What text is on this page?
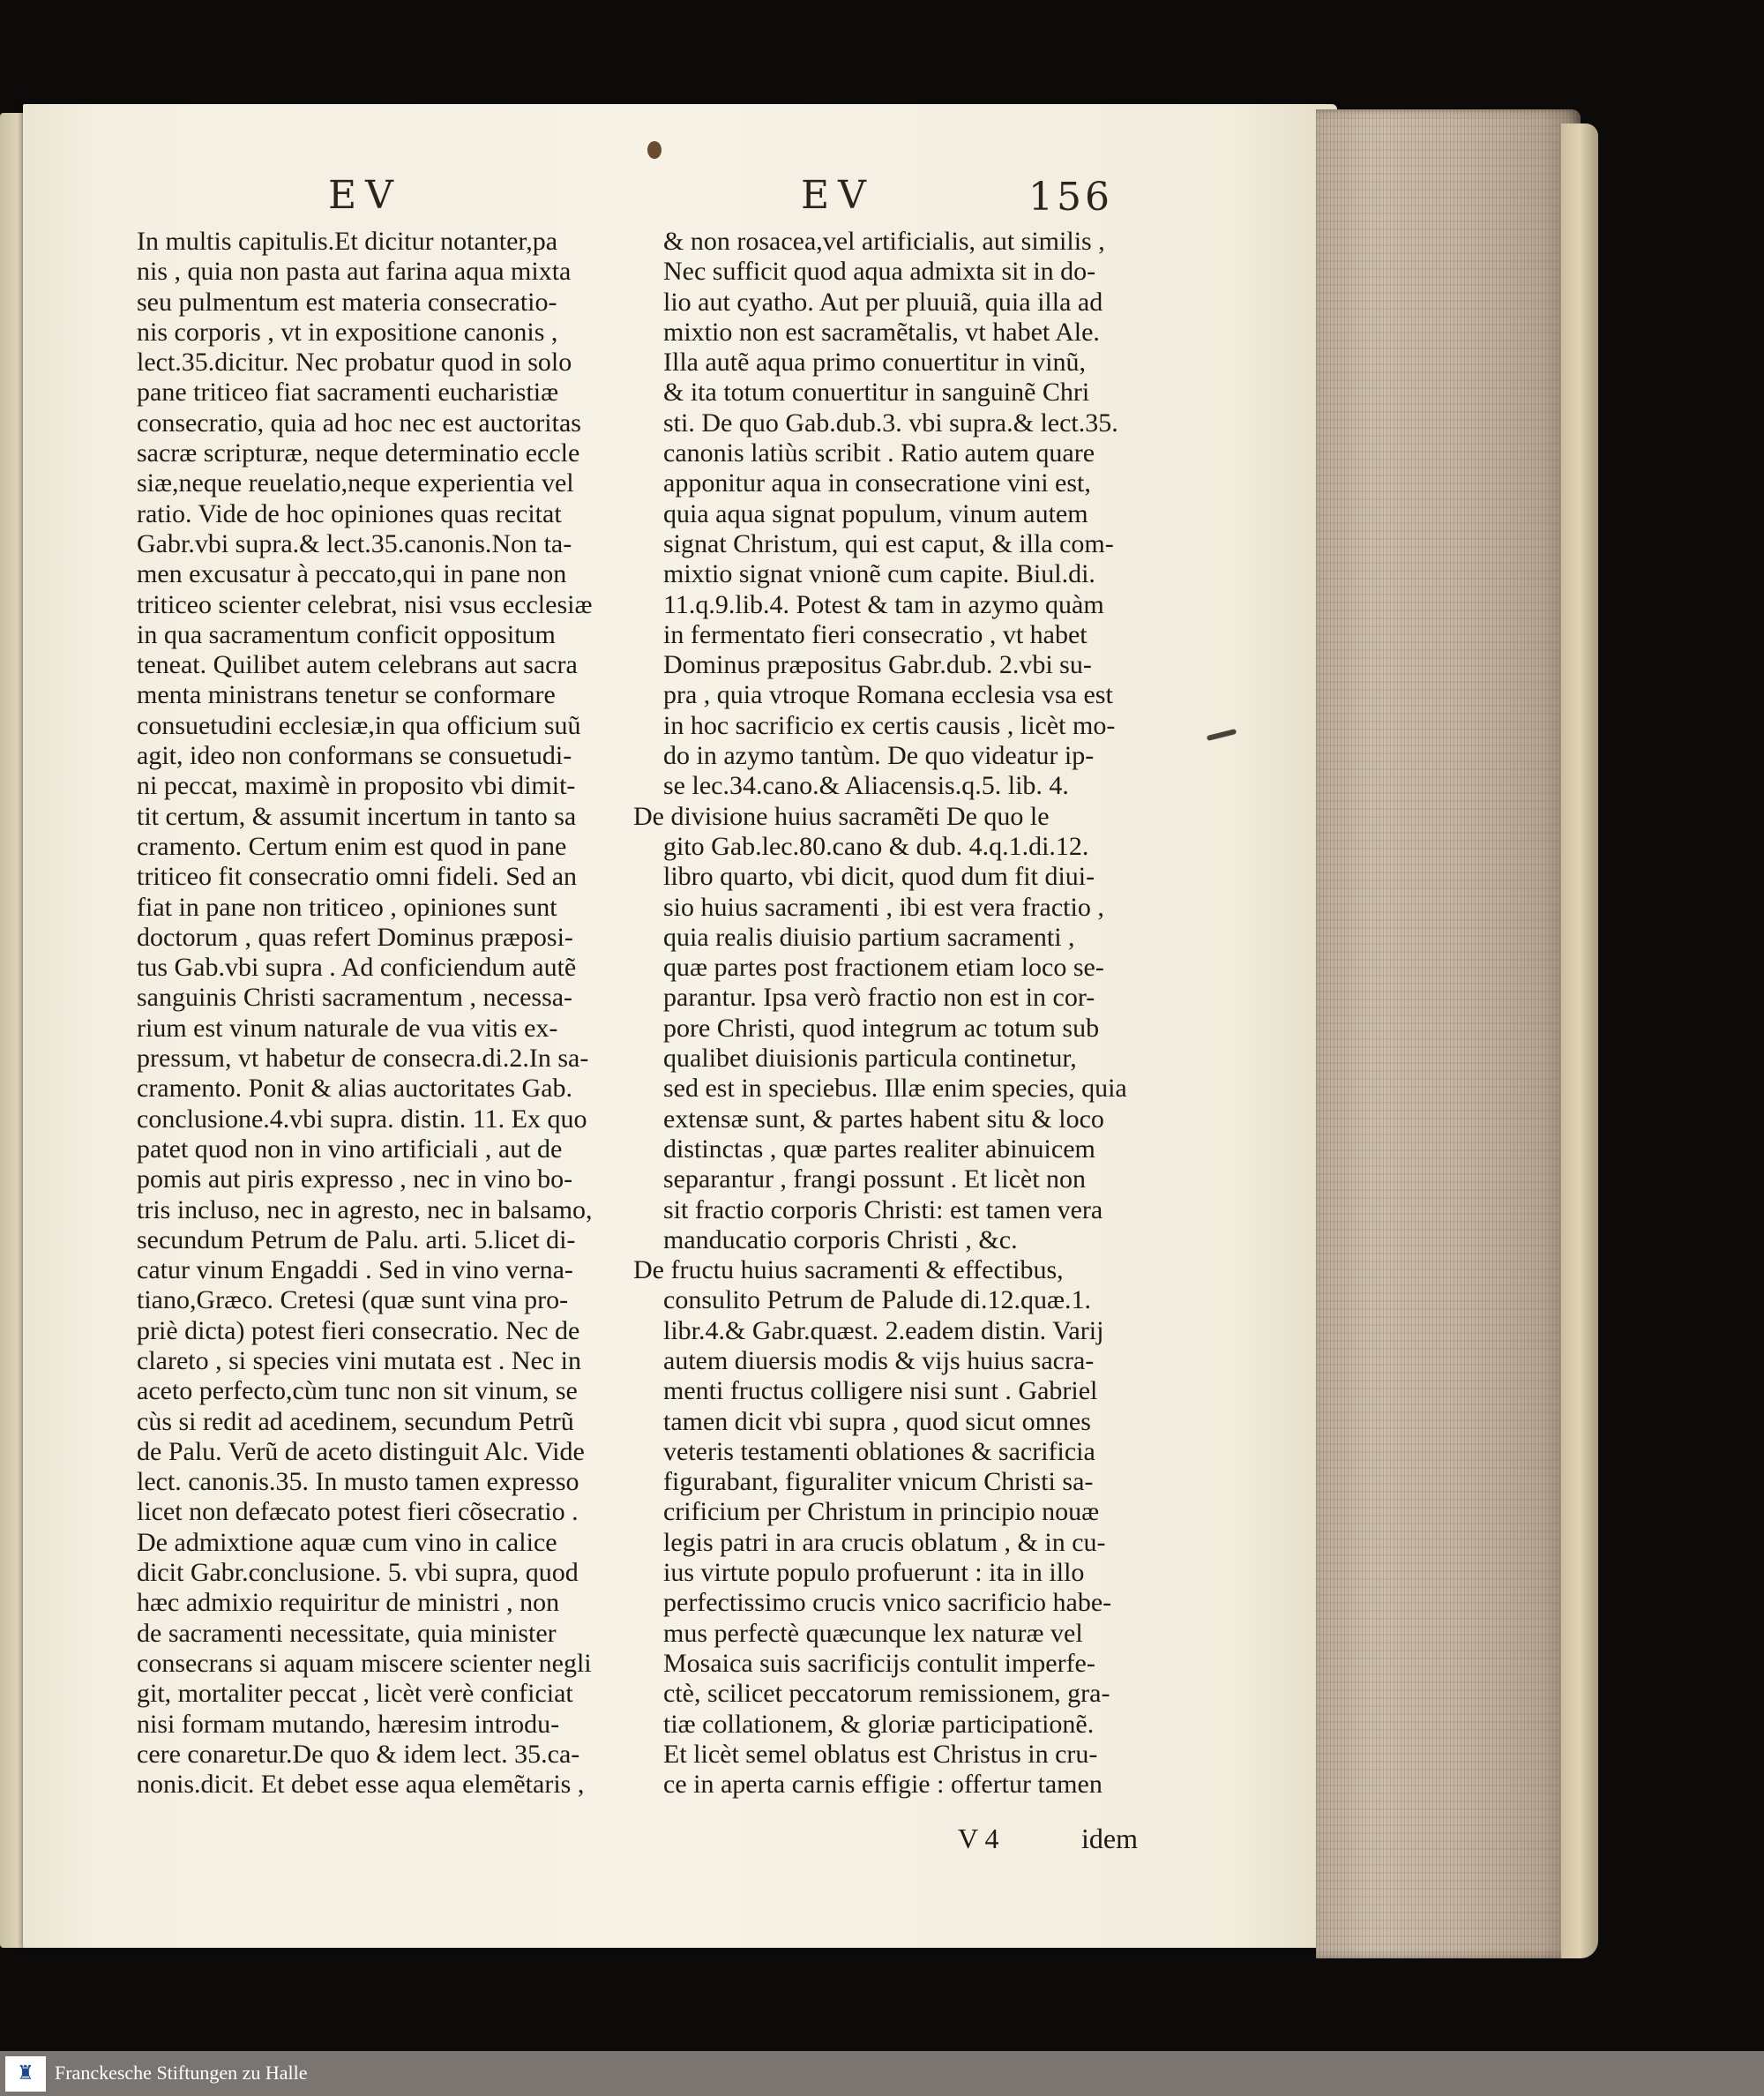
EV	EV	156
In multis capitulis.Et dicitur notanter,pa
nis , quia non pasta aut farina aqua mixta
seu pulmentum est materia consecratio-
nis corporis , vt in expositione canonis ,
lect.35.dicitur. Nec probatur quod in solo
pane triticeo fiat sacramenti eucharistiæ
consecratio, quia ad hoc nec est auctoritas
sacræ scripturæ, neque determinatio eccle
siæ,neque reuelatio,neque experientia vel
ratio. Vide de hoc opiniones quas recitat
Gabr.vbi supra.& lect.35.canonis.Non ta-
men excusatur à peccato,qui in pane non
triticeo scienter celebrat, nisi vsus ecclesiæ
in qua sacramentum conficit oppositum
teneat. Quilibet autem celebrans aut sacra
menta ministrans tenetur se conformare
consuetudini ecclesiæ,in qua officium suũ
agit, ideo non conformans se consuetudi-
ni peccat, maximè in proposito vbi dimit-
tit certum, & assumit incertum in tanto sa
cramento. Certum enim est quod in pane
triticeo fit consecratio omni fideli. Sed an
fiat in pane non triticeo , opiniones sunt
doctorum , quas refert Dominus præposi-
tus Gab.vbi supra . Ad conficiendum autẽ
sanguinis Christi sacramentum , necessa-
rium est vinum naturale de vua vitis ex-
pressum, vt habetur de consecra.di.2.In sa-
cramento. Ponit & alias auctoritates Gab.
conclusione.4.vbi supra. distin. 11. Ex quo
patet quod non in vino artificiali , aut de
pomis aut piris expresso , nec in vino bo-
tris incluso, nec in agresto, nec in balsamo,
secundum Petrum de Palu. arti. 5.licet di-
catur vinum Engaddi . Sed in vino verna-
tiano,Græco. Cretesi (quæ sunt vina pro-
priè dicta) potest fieri consecratio. Nec de
clareto , si species vini mutata est . Nec in
aceto perfecto,cùm tunc non sit vinum, se
cùs si redit ad acedinem, secundum Petrũ
de Palu. Verũ de aceto distinguit Alc. Vide
lect. canonis.35. In musto tamen expresso
licet non defæcato potest fieri cõsecratio .
De admixtione aquæ cum vino in calice
dicit Gabr.conclusione. 5. vbi supra, quod
hæc admixio requiritur de ministri , non
de sacramenti necessitate, quia minister
consecrans si aquam miscere scienter negli
git, mortaliter peccat , licèt verè conficiat
nisi formam mutando, hæresim introdu-
cere conaretur.De quo & idem lect. 35.ca-
nonis.dicit. Et debet esse aqua elemẽtaris ,
& non rosacea,vel artificialis, aut similis ,
Nec sufficit quod aqua admixta sit in do-
lio aut cyatho. Aut per pluuiã, quia illa ad
mixtio non est sacramẽtalis, vt habet Ale.
Illa autẽ aqua primo conuertitur in vinũ,
& ita totum conuertitur in sanguinẽ Chri
sti. De quo Gab.dub.3. vbi supra.& lect.35.
canonis latiùs scribit . Ratio autem quare
apponitur aqua in consecratione vini est,
quia aqua signat populum, vinum autem
signat Christum, qui est caput, & illa com-
mixtio signat vnionẽ cum capite. Biul.di.
11.q.9.lib.4. Potest & tam in azymo quàm
in fermentato fieri consecratio , vt habet
Dominus præpositus Gabr.dub. 2.vbi su-
pra , quia vtroque Romana ecclesia vsa est
in hoc sacrificio ex certis causis , licèt mo-
do in azymo tantùm. De quo videatur ip-
se lec.34.cano.& Aliacensis.q.5. lib. 4.
De divisione huius sacramẽti De quo le
gito Gab.lec.80.cano & dub. 4.q.1.di.12.
libro quarto, vbi dicit, quod dum fit diui-
sio huius sacramenti , ibi est vera fractio ,
quia realis diuisio partium sacramenti ,
quæ partes post fractionem etiam loco se-
parantur. Ipsa verò fractio non est in cor-
pore Christi, quod integrum ac totum sub
qualibet diuisionis particula continetur,
sed est in speciebus. Illæ enim species, quia
extensæ sunt, & partes habent situ & loco
distinctas , quæ partes realiter abinuicem
separantur , frangi possunt . Et licèt non
sit fractio corporis Christi: est tamen vera
manducatio corporis Christi , &c.
De fructu huius sacramenti & effectibus,
consulito Petrum de Palude di.12.quæ.1.
libr.4.& Gabr.quæst. 2.eadem distin. Varij
autem diuersis modis & vijs huius sacra-
menti fructus colligere nisi sunt . Gabriel
tamen dicit vbi supra , quod sicut omnes
veteris testamenti oblationes & sacrificia
figurabant, figuraliter vnicum Christi sa-
crificium per Christum in principio nouæ
legis patri in ara crucis oblatum , & in cu-
ius virtute populo profuerunt : ita in illo
perfectissimo crucis vnico sacrificio habe-
mus perfectè quæcunque lex naturæ vel
Mosaica suis sacrificijs contulit imperfe-
ctè, scilicet peccatorum remissionem, gra-
tiæ collationem, & gloriæ participationẽ.
Et licèt semel oblatus est Christus in cru-
ce in aperta carnis effigie : offertur tamen
V 4	idem
♜ Franckesche Stiftungen zu Halle
